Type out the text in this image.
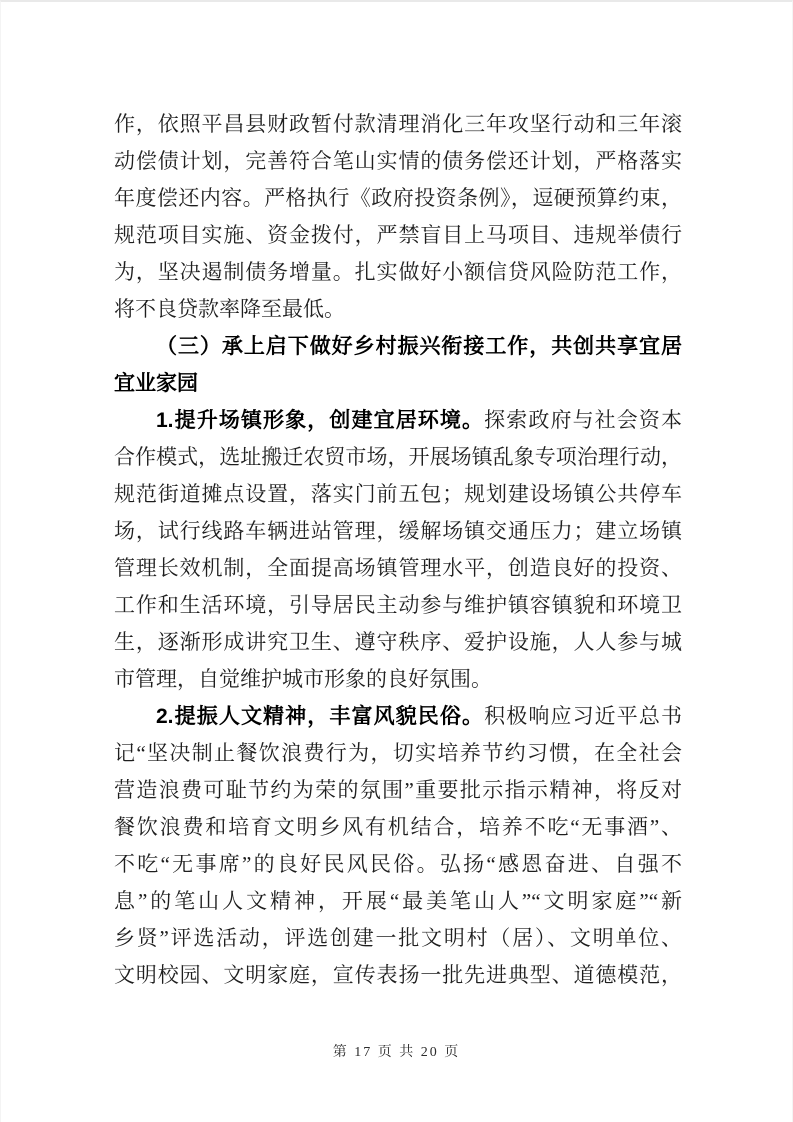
作，依照平昌县财政暂付款清理消化三年攻坚行动和三年滚
动偿债计划，完善符合笔山实情的债务偿还计划，严格落实
年度偿还内容。严格执行《政府投资条例》，逗硬预算约束，
规范项目实施、资金拨付，严禁盲目上马项目、违规举债行
为，坚决遏制债务增量。扎实做好小额信贷风险防范工作，
将不良贷款率降至最低。
（三）承上启下做好乡村振兴衔接工作，共创共享宜居
宜业家园
1.提升场镇形象，创建宜居环境。探索政府与社会资本
合作模式，选址搬迁农贸市场，开展场镇乱象专项治理行动，
规范街道摊点设置，落实门前五包；规划建设场镇公共停车
场，试行线路车辆进站管理，缓解场镇交通压力；建立场镇
管理长效机制，全面提高场镇管理水平，创造良好的投资、
工作和生活环境，引导居民主动参与维护镇容镇貌和环境卫
生，逐渐形成讲究卫生、遵守秩序、爱护设施，人人参与城
市管理，自觉维护城市形象的良好氛围。
2.提振人文精神，丰富风貌民俗。积极响应习近平总书
记“坚决制止餐饮浪费行为，切实培养节约习惯，在全社会
营造浪费可耻节约为荣的氛围”重要批示指示精神，将反对
餐饮浪费和培育文明乡风有机结合，培养不吃“无事酒”、
不吃“无事席”的良好民风民俗。弘扬“感恩奋进、自强不
息”的笔山人文精神，开展“最美笔山人”“文明家庭”“新
乡贤”评选活动，评选创建一批文明村（居）、文明单位、
文明校园、文明家庭，宣传表扬一批先进典型、道德模范，
第 17 页 共 20 页
